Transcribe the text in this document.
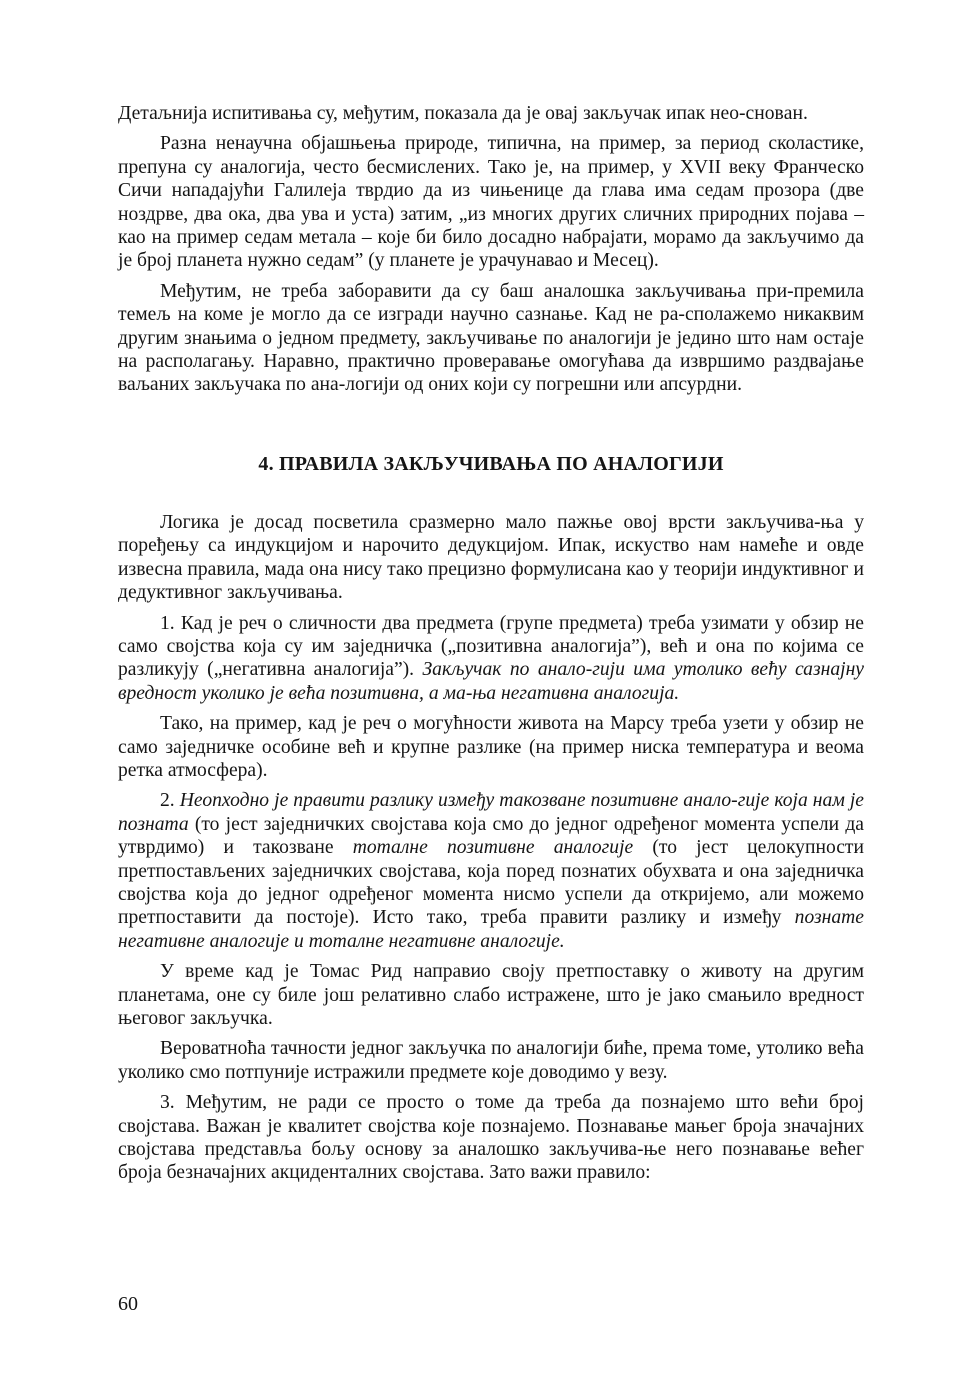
Детаљнија испитивања су, међутим, показала да је овај закључак ипак нео-сновaн.

Разна ненаучна објашњења природе, типична, на пример, за период сколастике, препуна су аналогија, често бесмислених. Тако је, на пример, у XVII веку Франческо Сичи нападајући Галилеја тврдио да из чињенице да глава има седам прозора (две ноздрве, два ока, два ува и уста) затим, „из многих других сличних природних појава – као на пример седам метала – које би било досадно набрајати, морамо да закључимо да је број планета нужно седам” (у планете је урачунавао и Месец).

Међутим, не треба заборавити да су баш аналошка закључивања при-премила темељ на коме је могло да се изгради научно сазнање. Кад не ра-сполажемо никаквим другим знањима о једном предмету, закључивање по аналогији је једино што нам остаје на располагању. Наравно, практично проверавање омогућава да извршимо раздвајање ваљаних закључака по ана-логији од оних који су погрешни или апсурдни.

4. ПРАВИЛА ЗАКЉУЧИВАЊА ПО АНАЛОГИЈИ

Логика је досад посветила сразмерно мало пажње овој врсти закључива-ња у поређењу са индукцијом и нарочито дедукцијом. Ипак, искуство нам намеће и овде извесна правила, мада она нису тако прецизно формулисана као у теорији индуктивног и дедуктивног закључивања.

1. Кад је реч о сличности два предмета (групе предмета) треба узимати у обзир не само својства која су им заједничка („позитивна аналогија”), већ и она по којима се разликују („негативна аналогија”). Закључак по анало-гији има утолико већу сазнајну вредност уколико је већа позитивна, а ма-ња негативна аналогија.

Тако, на пример, кад је реч о могућности живота на Марсу треба узети у обзир не само заједничке особине већ и крупне разлике (на пример ниска температура и веома ретка атмосфера).

2. Неопходно је правити разлику између такозване позитивне анало-гије која нам је позната (то јест заједничких својстава која смо до једног одређеног момента успели да утврдимо) и такозване тоталне позитивне аналогије (то јест целокупности претпостављених заједничких својстава, која поред познатих обухвата и она заједничка својства која до једног одређеног момента нисмо успели да откријемо, али можемо претпоставити да постоје). Исто тако, треба правити разлику и између познате негативне аналогије и тоталне негативне аналогије.

У време кад је Томас Рид направио своју претпоставку о животу на другим планетама, оне су биле још релативно слабо истражене, што је јако смањило вредност његовог закључка.

Вероватноћа тачности једног закључка по аналогији биће, према томе, утолико већа уколико смо потпуније истражили предмете које доводимо у везу.

3. Међутим, не ради се просто о томе да треба да познајемо што већи број својстава. Важан је квалитет својства које познајемо. Познавање мањег броја значајних својстава представља бољу основу за аналошко закључива-ње него познавање већег броја безначајних акциденталних својстава. Зато важи правило:

60
